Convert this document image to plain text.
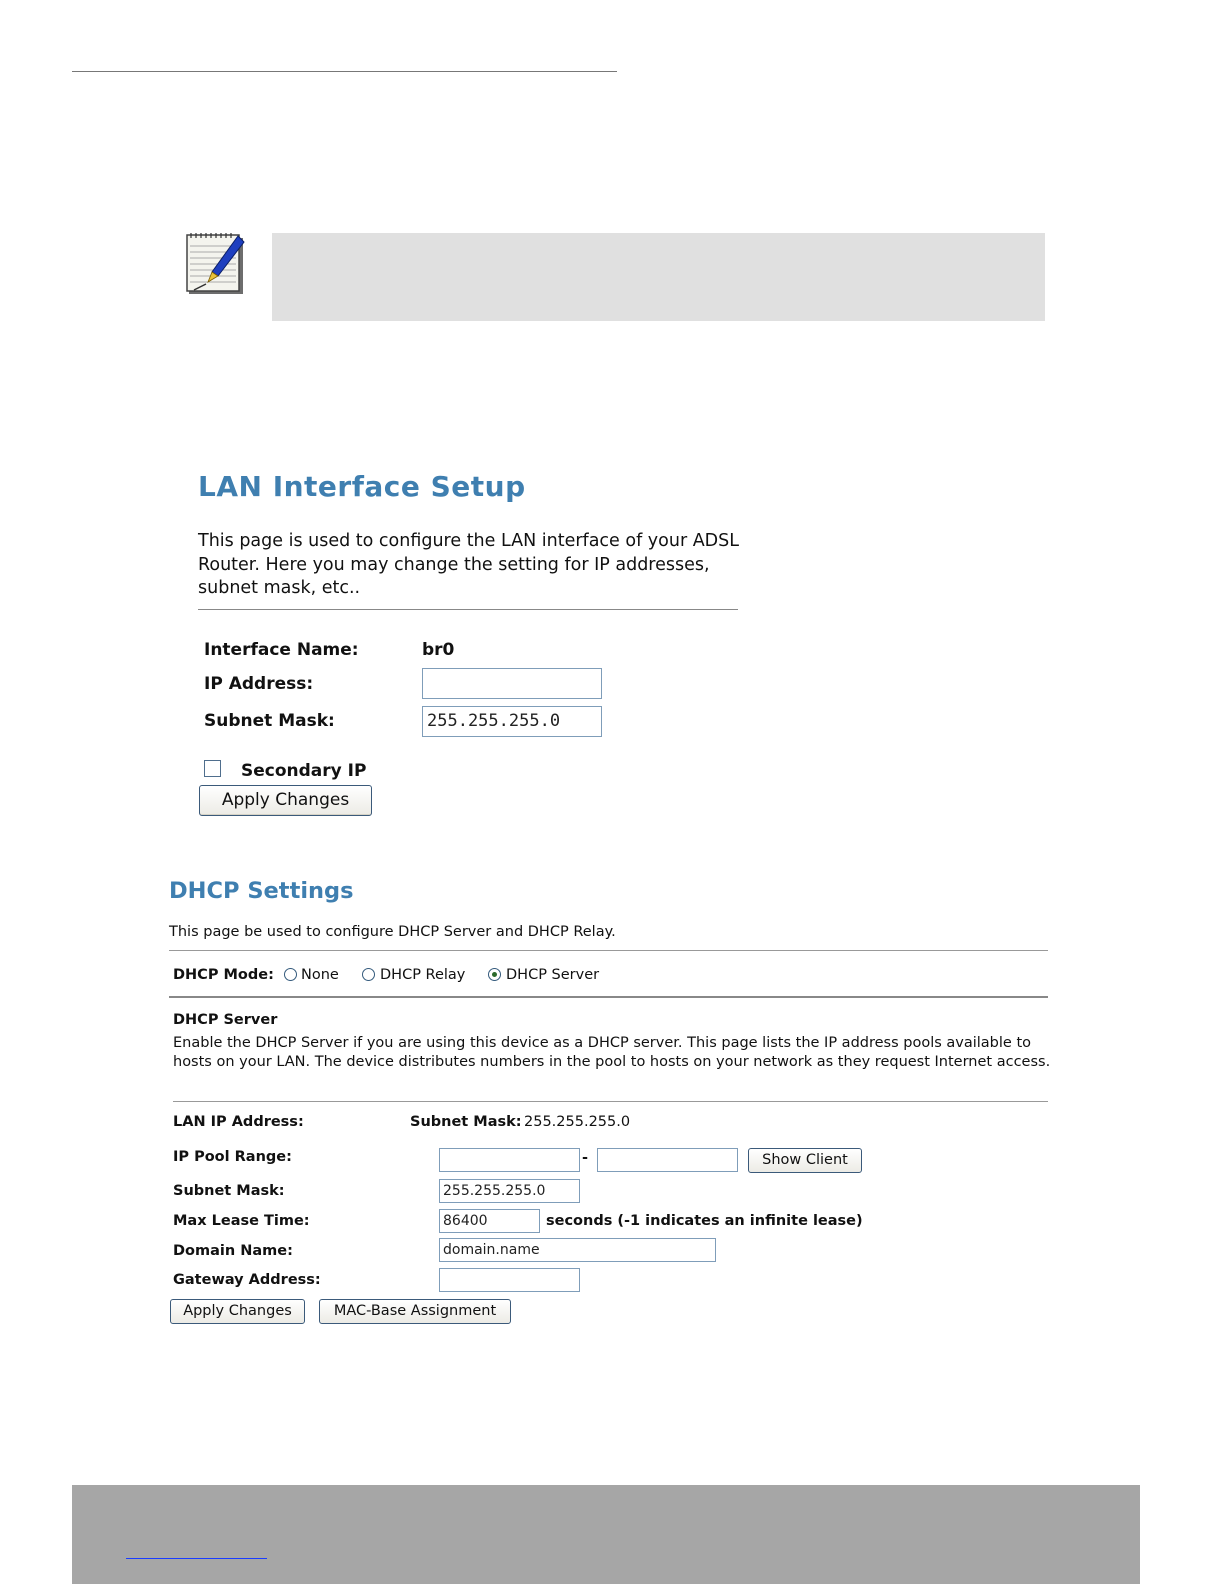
LAN Interface Setup

This page is used to configure the LAN interface of your ADSL Router. Here you may change the setting for IP addresses, subnet mask, etc..

Interface Name:	br0
IP Address:
Subnet Mask:	255.255.255.0
Secondary IP
Apply Changes
DHCP Settings

This page be used to configure DHCP Server and DHCP Relay.

DHCP Mode: None	DHCP Relay	DHCP Server
DHCP Server

Enable the DHCP Server if you are using this device as a DHCP server. This page lists the IP address pools available to hosts on your LAN. The device distributes numbers in the pool to hosts on your network as they request Internet access.

LAN IP Address:	Subnet Mask: 255.255.255.0
IP Pool Range:	-	Show Client
Subnet Mask:	255.255.255.0
Max Lease Time:	86400	seconds (-1 indicates an infinite lease)
Domain Name:	domain.name
Gateway Address:
Apply Changes	MAC-Base Assignment
